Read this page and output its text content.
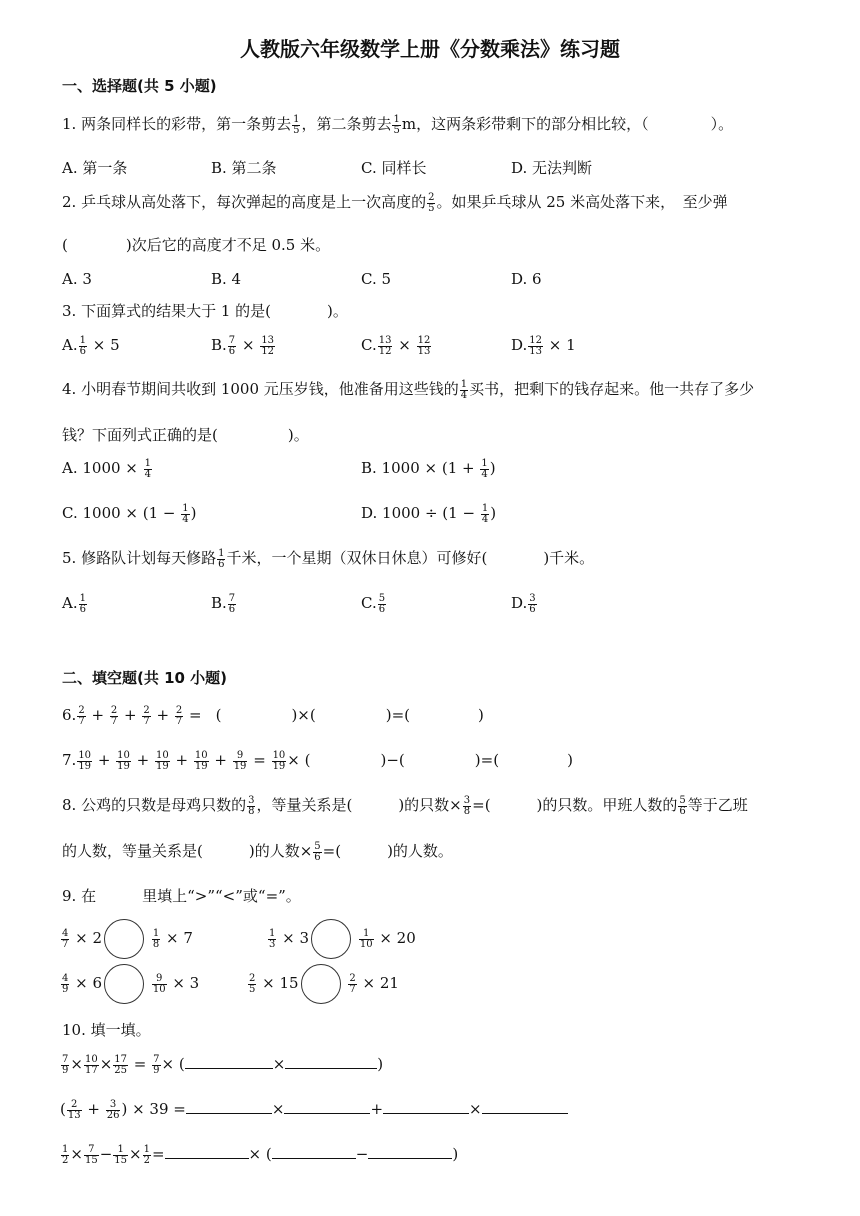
人教版六年级数学上册《分数乘法》练习题
一、选择题(共 5 小题)
1. 两条同样长的彩带，第一条剪去 $\frac{1}{5}$ ，第二条剪去 $\frac{1}{5}$ m，这两条彩带剩下的部分相比较，（	）。
A. 第一条	B. 第二条	C. 同样长	D. 无法判断
2. 乒乓球从高处落下，每次弹起的高度是上一次高度的 $\frac{2}{5}$ 。如果乒乓球从 25 米高处落下来，　至少弹
(	)次后它的高度才不足 0.5 米。
A. 3	B. 4	C. 5	D. 6
3. 下面算式的结果大于 1 的是(	)。
A. $\frac{1}{6} \times 5$	B. $\frac{7}{6} \times \frac{13}{12}$	C. $\frac{13}{12} \times \frac{12}{13}$	D. $\frac{12}{13} \times 1$
4. 小明春节期间共收到 1000 元压岁钱，他准备用这些钱的 $\frac{1}{4}$ 买书，把剩下的钱存起来。他一共存了多少
钱？下面列式正确的是(	)。
A. $1000 \times \frac{1}{4}$	B. $1000 \times (1 + \frac{1}{4}$ )
C. $1000 \times (1 - \frac{1}{4}$ )	D. $1000 \div (1 - \frac{1}{4}$ )
5. 修路队计划每天修路 $\frac{1}{6}$ 千米，一个星期（双休日休息）可修好(	)千米。
A. $\frac{1}{6}$	B. $\frac{7}{6}$	C. $\frac{5}{6}$	D. $\frac{3}{6}$
二、填空题(共 10 小题)
6. $\frac{2}{7} + \frac{2}{7} + \frac{2}{7} + \frac{2}{7}$ = (	)×(	)=(	)
7. $\frac{10}{19} + \frac{10}{19} + \frac{10}{19} + \frac{10}{19} + \frac{9}{19} = \frac{10}{19}$ × (	)−(	)=(	)
8. 公鸡的只数是母鸡只数的 $\frac{3}{8}$ ，等量关系是(	)的只数× $\frac{3}{8}$ =(	)的只数。甲班人数的 $\frac{5}{6}$ 等于乙班
的人数，等量关系是(	)的人数× $\frac{5}{6}$ =(	)的人数。
9. 在	里填上“>”“<”或“=”。
$\frac{4}{7} \times 2$	$\frac{1}{8} \times 7$	$\frac{1}{3} \times 3$	$\frac{1}{10} \times 20$
$\frac{4}{9} \times 6$	$\frac{9}{10} \times 3$	$\frac{2}{5} \times 15$	$\frac{2}{7} \times 21$
10. 填一填。
$\frac{7}{9} \times \frac{10}{17} \times \frac{17}{25} = \frac{7}{9}$ × (	×	)
( $\frac{2}{13} + \frac{3}{26}$ ) × 39 =	×	+	×
$\frac{1}{2} \times \frac{7}{15} - \frac{1}{15} \times \frac{1}{2}$ =	× (	−	)
